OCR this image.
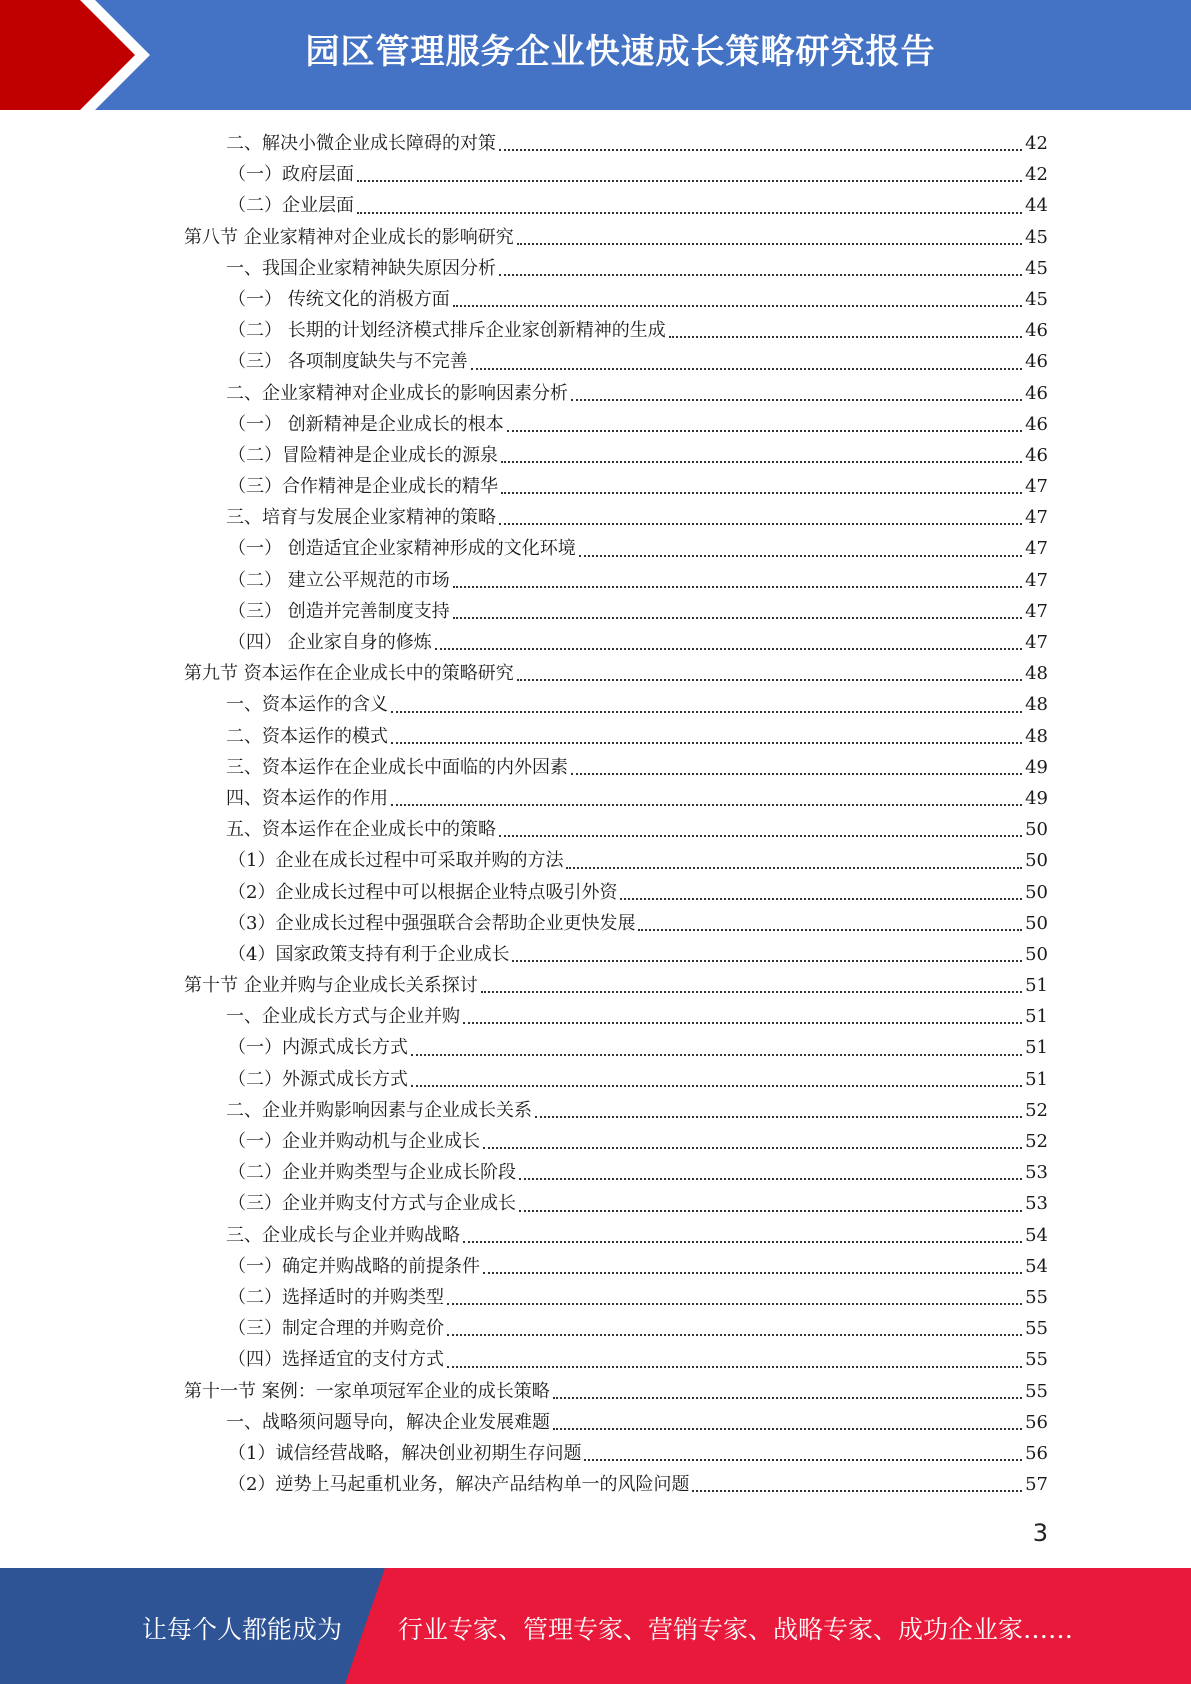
园区管理服务企业快速成长策略研究报告
二、解决小微企业成长障碍的对策	42
（一）政府层面	42
（二）企业层面	44
第八节 企业家精神对企业成长的影响研究	45
一、我国企业家精神缺失原因分析	45
（一） 传统文化的消极方面	45
（二） 长期的计划经济模式排斥企业家创新精神的生成	46
（三） 各项制度缺失与不完善	46
二、企业家精神对企业成长的影响因素分析	46
（一） 创新精神是企业成长的根本	46
（二）冒险精神是企业成长的源泉	46
（三）合作精神是企业成长的精华	47
三、培育与发展企业家精神的策略	47
（一） 创造适宜企业家精神形成的文化环境	47
（二） 建立公平规范的市场	47
（三） 创造并完善制度支持	47
（四） 企业家自身的修炼	47
第九节 资本运作在企业成长中的策略研究	48
一、资本运作的含义	48
二、资本运作的模式	48
三、资本运作在企业成长中面临的内外因素	49
四、资本运作的作用	49
五、资本运作在企业成长中的策略	50
（1）企业在成长过程中可采取并购的方法	50
（2）企业成长过程中可以根据企业特点吸引外资	50
（3）企业成长过程中强强联合会帮助企业更快发展	50
（4）国家政策支持有利于企业成长	50
第十节 企业并购与企业成长关系探讨	51
一、企业成长方式与企业并购	51
（一）内源式成长方式	51
（二）外源式成长方式	51
二、企业并购影响因素与企业成长关系	52
（一）企业并购动机与企业成长	52
（二）企业并购类型与企业成长阶段	53
（三）企业并购支付方式与企业成长	53
三、企业成长与企业并购战略	54
（一）确定并购战略的前提条件	54
（二）选择适时的并购类型	55
（三）制定合理的并购竞价	55
（四）选择适宜的支付方式	55
第十一节 案例：一家单项冠军企业的成长策略	55
一、战略须问题导向，解决企业发展难题	56
（1）诚信经营战略，解决创业初期生存问题	56
（2）逆势上马起重机业务，解决产品结构单一的风险问题	57
3
让每个人都能成为 行业专家、管理专家、营销专家、战略专家、成功企业家……
